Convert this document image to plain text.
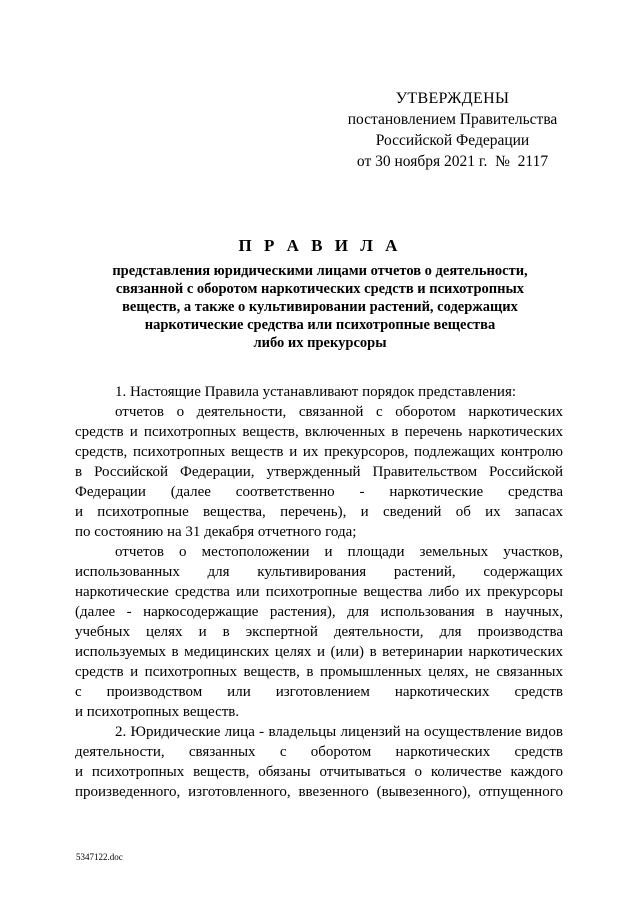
УТВЕРЖДЕНЫ
постановлением Правительства
Российской Федерации
от 30 ноября 2021 г.  №  2117
П Р А В И Л А
представления юридическими лицами отчетов о деятельности,
связанной с оборотом наркотических средств и психотропных
веществ, а также о культивировании растений, содержащих
наркотические средства или психотропные вещества
либо их прекурсоры
1. Настоящие Правила устанавливают порядок представления:
отчетов о деятельности, связанной с оборотом наркотических
средств и психотропных веществ, включенных в перечень наркотических
средств, психотропных веществ и их прекурсоров, подлежащих контролю
в Российской Федерации, утвержденный Правительством Российской
Федерации (далее соответственно - наркотические средства
и психотропные вещества, перечень), и сведений об их запасах
по состоянию на 31 декабря отчетного года;
отчетов о местоположении и площади земельных участков,
использованных для культивирования растений, содержащих
наркотические средства или психотропные вещества либо их прекурсоры
(далее - наркосодержащие растения), для использования в научных,
учебных целях и в экспертной деятельности, для производства
используемых в медицинских целях и (или) в ветеринарии наркотических
средств и психотропных веществ, в промышленных целях, не связанных
с производством или изготовлением наркотических средств
и психотропных веществ.
2. Юридические лица - владельцы лицензий на осуществление видов
деятельности, связанных с оборотом наркотических средств
и психотропных веществ, обязаны отчитываться о количестве каждого
произведенного, изготовленного, ввезенного (вывезенного), отпущенного
5347122.doc
